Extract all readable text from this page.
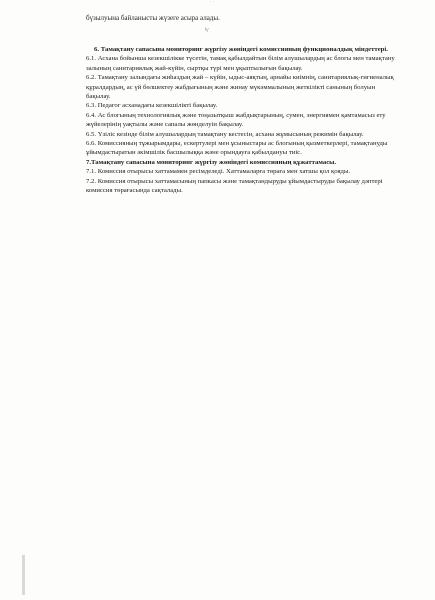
˙ ˙
бүзылуына байланысты жүзеге асыра алады.
ᵇ/

6. Тамақтану сапасына мониторинг жүргізу жөніндегі комиссияның функционалдық міндеттері.

6.1. Асхана бойынша кезекшілікке түсетін, тамақ қабылдайтын білім алушылардың ас блогы мен тамақтану залының санитариялық жай-күйін, сыртқы түрі мен ұқыптылығын бақылау.

6.2. Тамақтану залындағы жиһаздың жай – күйін, ыдыс-аяқтың, арнайы киімнің, санитариялық-гигиеналық құралдардың, ас үй бөлшектеу жабдығының және жинау мүкәммалының жеткіліктi санының болуын бақылау.

6.3. Педагог асханадағы кезекшілікті бақылау.

6.4. Ас блогының технологиялық және тоңазытқыш жабдықтарының, сумен, энергиямен қамтамасыз ету жүйелерінің уақтылы және сапалы жөнделуін бақылау.

6.5. Үзіліс кезінде білім алушылардың тамақтану кестесін, асхана жұмысының режимін бақылау.

6.6. Комиссияның тұжырымдары, ескертулері мен ұсыныстары ас блогының қызметкерлері, тамақтануды ұйымдастыратын әкімшілік басшылыққа және орындауға қабылдануы тиіс.

7.Тамақтану сапасына мониторинг жүргізу жөніндегі комиссияның құжаттамасы.

7.1. Комиссия отырысы хаттамамен ресімделеді. Хаттамаларға төраға мен хатшы қол қояды.

7.2. Комиссия отырысы хаттамасының папкасы және тамақтандыруды ұйымдастыруды бақылау дәптері комиссия төрағасында сақталады.
